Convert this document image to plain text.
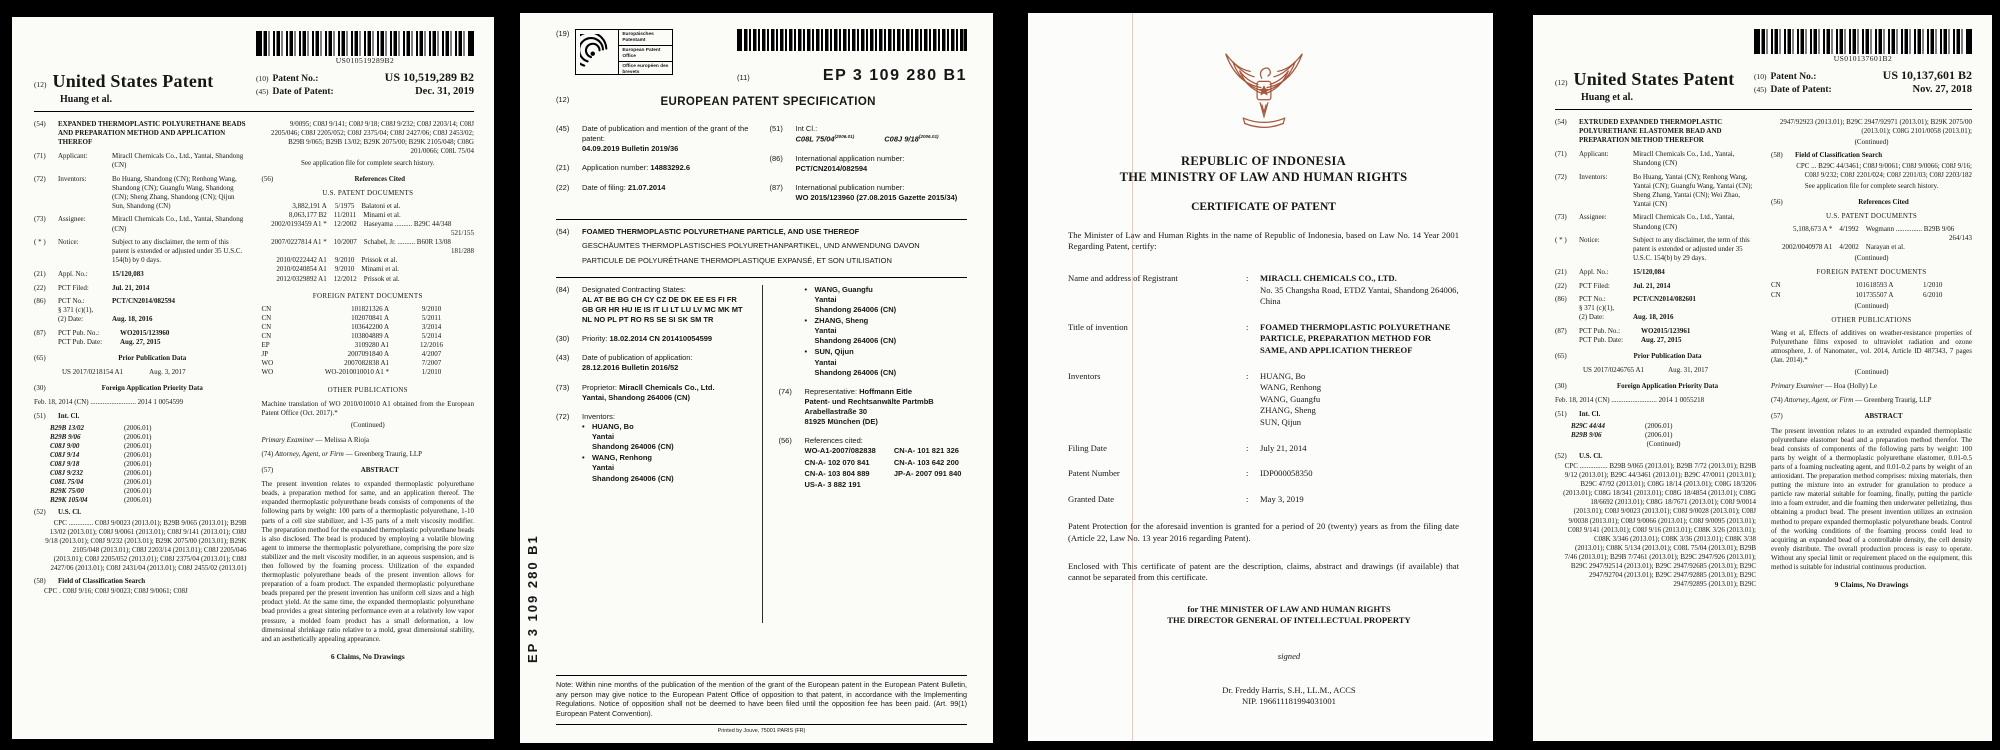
US010519289B2
(12) United States Patent
Huang et al.
(10) Patent No.:	US 10,519,289 B2
(45) Date of Patent:	Dec. 31, 2019
(54)	EXPANDED THERMOPLASTIC POLYURETHANE BEADS AND PREPARATION METHOD AND APPLICATION THEREOF
(71)	Applicant:	Miracll Chemicals Co., Ltd., Yantai, Shandong (CN)
(72)	Inventors:	Bo Huang, Shandong (CN); Renhong Wang, Shandong (CN); Guangfu Wang, Shandong (CN); Sheng Zhang, Shandong (CN); Qijun Sun, Shandong (CN)
(73)	Assignee:	Miracll Chemicals Co., Ltd., Yantai, Shandong (CN)
( * )	Notice:	Subject to any disclaimer, the term of this patent is extended or adjusted under 35 U.S.C. 154(b) by 0 days.
(21)	Appl. No.:	15/120,083
(22)	PCT Filed:	Jul. 21, 2014
(86)	PCT No.:	PCT/CN2014/082594
§ 371 (c)(1),
(2) Date:	Aug. 18, 2016
(87)	PCT Pub. No.:	WO2015/123960
PCT Pub. Date:	Aug. 27, 2015
(65)	Prior Publication Data
US 2017/0218154 A1	Aug. 3, 2017
(30)	Foreign Application Priority Data
Feb. 18, 2014 (CN) .......................... 2014 1 0054599
(51)	Int. Cl.
B29B 13/02	(2006.01)
B29B 9/06	(2006.01)
C08J 9/00	(2006.01)
C08J 9/14	(2006.01)
C08J 9/18	(2006.01)
C08J 9/232	(2006.01)
C08L 75/04	(2006.01)
B29K 75/00	(2006.01)
B29K 105/04	(2006.01)
(52)	U.S. Cl.
CPC .............. C08J 9/0023 (2013.01); B29B 9/065 (2013.01); B29B 13/02 (2013.01); C08J 9/0061 (2013.01); C08J 9/141 (2013.01); C08J 9/18 (2013.01); C08J 9/232 (2013.01); B29K 2075/00 (2013.01); B29K 2105/048 (2013.01); C08J 2203/14 (2013.01); C08J 2205/046 (2013.01); C08J 2205/052 (2013.01); C08J 2375/04 (2013.01); C08J 2427/06 (2013.01); C08J 2431/04 (2013.01); C08J 2455/02 (2013.01)
(58)	Field of Classification Search
CPC . C08J 9/16; C08J 9/0023; C08J 9/0061; C08J
9/0095; C08J 9/141; C08J 9/18; C08J 9/232; C08J 2203/14; C08J 2205/046; C08J 2205/052; C08J 2375/04; C08J 2427/06; C08J 2453/02; B29B 9/065; B29B 13/02; B29K 2075/00; B29K 2105/048; C08G 201/0066; C08L 75/04
See application file for complete search history.
(56)	References Cited
U.S. PATENT DOCUMENTS
3,882,191 A	5/1975	Balatoni et al.
8,063,177 B2	11/2011	Minami et al.
2002/0193459 A1 *	12/2002	Haseyama .......... B29C 44/348
521/155
2007/0227814 A1 *	10/2007	Schabel, Jr. .......... B60R 13/08
181/288
2010/0222442 A1	9/2010	Prissok et al.
2010/0240854 A1	9/2010	Minami et al.
2012/0329892 A1	12/2012	Prissok et al.
FOREIGN PATENT DOCUMENTS
CN	101821326 A	9/2010
CN	102070841 A	5/2011
CN	103642200 A	3/2014
CN	103804889 A	5/2014
EP	3109280 A1	12/2016
JP	2007091840 A	4/2007
WO	2007082838 A1	7/2007
WO	WO-2010010010 A1 *	1/2010
OTHER PUBLICATIONS
Machine translation of WO 2010/010010 A1 obtained from the European Patent Office (Oct. 2017).*
(Continued)
Primary Examiner — Melissa A Rioja
(74) Attorney, Agent, or Firm — Greenberg Traurig, LLP
(57)	ABSTRACT
The present invention relates to expanded thermoplastic polyurethane beads, a preparation method for same, and an application thereof. The expanded thermoplastic polyurethane beads consists of components of the following parts by weight: 100 parts of a thermoplastic polyurethane, 1-10 parts of a cell size stabilizer, and 1-35 parts of a melt viscosity modifier. The preparation method for the expanded thermoplastic polyurethane beads is also disclosed. The bead is produced by employing a volatile blowing agent to immerse the thermoplastic polyurethane, comprising the pore size stabilizer and the melt viscosity modifier, in an aqueous suspension, and is then followed by the foaming process. Utilization of the expanded thermoplastic polyurethane beads of the present invention allows for preparation of a foam product. The expanded thermoplastic polyurethane beads prepared per the present invention has uniform cell sizes and a high product yield. At the same time, the expanded thermoplastic polyurethane bead provides a great sintering performance even at a relatively low vapor pressure, a molded foam product has a small deformation, a low dimensional shrinkage ratio relative to a mold, great dimensional stability, and an aesthetically appealing appearance.
6 Claims, No Drawings	EP 3 109 280 B1
(19)	Europäisches Patentamt
European Patent Office
Office européen des brevets
(11)	EP 3 109 280 B1
(12)	EUROPEAN PATENT SPECIFICATION
(45)	Date of publication and mention of the grant of the patent:
04.09.2019 Bulletin 2019/36
(21)	Application number: 14883292.6
(22)	Date of filing: 21.07.2014
(51)	Int Cl.:
C08L $75/04^{(2006.01)}$	C08J $9/18^{(2006.01)}$
(86)	International application number:
PCT/CN2014/082594
(87)	International publication number:
WO 2015/123960 (27.08.2015 Gazette 2015/34)
(54)	FOAMED THERMOPLASTIC POLYURETHANE PARTICLE, AND USE THEREOF
GESCHÄUMTES THERMOPLASTISCHES POLYURETHANPARTIKEL, UND ANWENDUNG DAVON
PARTICULE DE POLYURÉTHANE THERMOPLASTIQUE EXPANSÉ, ET SON UTILISATION
(84)	Designated Contracting States:
AL AT BE BG CH CY CZ DE DK EE ES FI FR GB GR HR HU IE IS IT LI LT LU LV MC MK MT NL NO PL PT RO RS SE SI SK SM TR
(30)	Priority: 18.02.2014 CN 201410054599
(43)	Date of publication of application:
28.12.2016 Bulletin 2016/52
(73)	Proprietor: Miracll Chemicals Co., Ltd.
Yantai, Shandong 264006 (CN)
(72)	Inventors:
• HUANG, Bo
Yantai
Shandong 264006 (CN)
• WANG, Renhong
Yantai
Shandong 264006 (CN)
• WANG, Guangfu
Yantai
Shandong 264006 (CN)
• ZHANG, Sheng
Yantai
Shandong 264006 (CN)
• SUN, Qijun
Yantai
Shandong 264006 (CN)
(74)	Representative: Hoffmann Eitle
Patent- und Rechtsanwälte PartmbB
Arabellastraße 30
81925 München (DE)
(56)	References cited:
WO-A1-2007/082838
CN-A- 102 070 841
CN-A- 103 804 889
US-A- 3 882 191
CN-A- 101 821 326
CN-A- 103 642 200
JP-A- 2007 091 840
Note: Within nine months of the publication of the mention of the grant of the European patent in the European Patent Bulletin, any person may give notice to the European Patent Office of opposition to that patent, in accordance with the Implementing Regulations. Notice of opposition shall not be deemed to have been filed until the opposition fee has been paid. (Art. 99(1) European Patent Convention).
Printed by Jouve, 75001 PARIS (FR)
REPUBLIC OF INDONESIA
THE MINISTRY OF LAW AND HUMAN RIGHTS
CERTIFICATE OF PATENT
The Minister of Law and Human Rights in the name of Republic of Indonesia, based on Law No. 14 Year 2001 Regarding Patent, certify:
Name and address of Registrant	:	MIRACLL CHEMICALS CO., LTD.
No. 35 Changsha Road, ETDZ Yantai, Shandong 264006,
China
Title of invention	:	FOAMED THERMOPLASTIC POLYURETHANE PARTICLE, PREPARATION METHOD FOR SAME, AND APPLICATION THEREOF
Inventors	:	HUANG, Bo
WANG, Renhong
WANG, Guangfu
ZHANG, Sheng
SUN, Qijun
Filing Date	:	July 21, 2014
Patent Number	:	IDP000058350
Granted Date	:	May 3, 2019
Patent Protection for the aforesaid invention is granted for a period of 20 (twenty) years as from the filing date (Article 22, Law No. 13 year 2016 regarding Patent).
Enclosed with This certificate of patent are the description, claims, abstract and drawings (if available) that cannot be separated from this certificate.
for THE MINISTER OF LAW AND HUMAN RIGHTS
THE DIRECTOR GENERAL OF INTELLECTUAL PROPERTY
signed
Dr. Freddy Harris, S.H., LL.M., ACCS
NIP. 196611181994031001
US010137601B2
(12) United States Patent
Huang et al.
(10) Patent No.:	US 10,137,601 B2
(45) Date of Patent:	Nov. 27, 2018
(54)	EXTRUDED EXPANDED THERMOPLASTIC POLYURETHANE ELASTOMER BEAD AND PREPARATION METHOD THEREFOR
(71)	Applicant:	Miracll Chemicals Co., Ltd., Yantai, Shandong (CN)
(72)	Inventors:	Bo Huang, Yantai (CN); Renhong Wang, Yantai (CN); Guangfu Wang, Yantai (CN); Sheng Zhang, Yantai (CN); Wei Zhao, Yantai (CN)
(73)	Assignee:	Miracll Chemicals Co., Ltd., Yantai, Shandong (CN)
( * )	Notice:	Subject to any disclaimer, the term of this patent is extended or adjusted under 35 U.S.C. 154(b) by 29 days.
(21)	Appl. No.:	15/120,084
(22)	PCT Filed:	Jul. 21, 2014
(86)	PCT No.:	PCT/CN2014/082601
§ 371 (c)(1),
(2) Date:	Aug. 18, 2016
(87)	PCT Pub. No.:	WO2015/123961
PCT Pub. Date:	Aug. 27, 2015
(65)	Prior Publication Data
US 2017/0246765 A1	Aug. 31, 2017
(30)	Foreign Application Priority Data
Feb. 18, 2014 (CN) .......................... 2014 1 0055218
(51)	Int. Cl.
B29C 44/44	(2006.01)
B29B 9/06	(2006.01)
(Continued)
(52)	U.S. Cl.
CPC ................ B29B 9/065 (2013.01); B29B 7/72 (2013.01); B29B 9/12 (2013.01); B29C 44/3461 (2013.01); B29C 47/0011 (2013.01); B29C 47/92 (2013.01); C08G 18/14 (2013.01); C08G 18/3206 (2013.01); C08G 18/341 (2013.01); C08G 18/4854 (2013.01); C08G 18/6692 (2013.01); C08G 18/7671 (2013.01); C08J 9/0014 (2013.01); C08J 9/0023 (2013.01); C08J 9/0028 (2013.01); C08J 9/0038 (2013.01); C08J 9/0066 (2013.01); C08J 9/0095 (2013.01); C08J 9/141 (2013.01); C08J 9/16 (2013.01); C08K 3/26 (2013.01); C08K 3/346 (2013.01); C08K 3/36 (2013.01); C08K 3/38 (2013.01); C08K 5/134 (2013.01); C08L 75/04 (2013.01); B29B 7/46 (2013.01); B29B 7/7461 (2013.01); B29C 2947/926 (2013.01); B29C 2947/92514 (2013.01); B29C 2947/92685 (2013.01); B29C 2947/92704 (2013.01); B29C 2947/92885 (2013.01); B29C 2947/92895 (2013.01); B29C
2947/92923 (2013.01); B29C 2947/92971 (2013.01); B29K 2075/00 (2013.01); C08G 2101/0058 (2013.01);
(Continued)
(58)	Field of Classification Search
CPC ... B29C 44/3461; C08J 9/0061; C08J 9/0066; C08J 9/16; C08J 9/232; C08J 2201/024; C08J 2201/03; C08J 2203/182
See application file for complete search history.
(56)	References Cited
U.S. PATENT DOCUMENTS
5,108,673 A *	4/1992	Wegmann ............... B29B 9/06
264/143
2002/0040978 A1	4/2002	Narayan et al.
(Continued)
FOREIGN PATENT DOCUMENTS
CN	101618593 A	1/2010
CN	101735507 A	6/2010
(Continued)
OTHER PUBLICATIONS
Wang et al, Effects of additives on weather-resistance properties of Polyurethane films exposed to ultraviolet radiation and ozone atmosphere, J. of Nanomater., vol. 2014, Article ID 487343, 7 pages (Jan. 2014).*
(Continued)
Primary Examiner — Hoa (Holly) Le
(74) Attorney, Agent, or Firm — Greenberg Traurig, LLP
(57)	ABSTRACT
The present invention relates to an extruded expanded thermoplastic polyurethane elastomer bead and a preparation method therefor. The bead consists of components of the following parts by weight: 100 parts by weight of a thermoplastic polyurethane elastomer, 0.01-0.5 parts of a foaming nucleating agent, and 0.01-0.2 parts by weight of an antioxidant. The preparation method comprises: mixing materials, then putting the mixture into an extruder for granulation to produce a particle raw material suitable for foaming, finally, putting the particle into a foam extruder, and die foaming then underwater pelletizing, thus obtaining a product bead. The present invention utilizes an extrusion method to prepare expanded thermoplastic polyurethane beads. Control of the working conditions of the foaming process could lead to acquiring an expanded bead of a controllable density, the cell density evenly distribute. The overall production process is easy to operate. Without any special limit or requirement placed on the equipment, this method is suitable for industrial continuous production.
9 Claims, No Drawings
